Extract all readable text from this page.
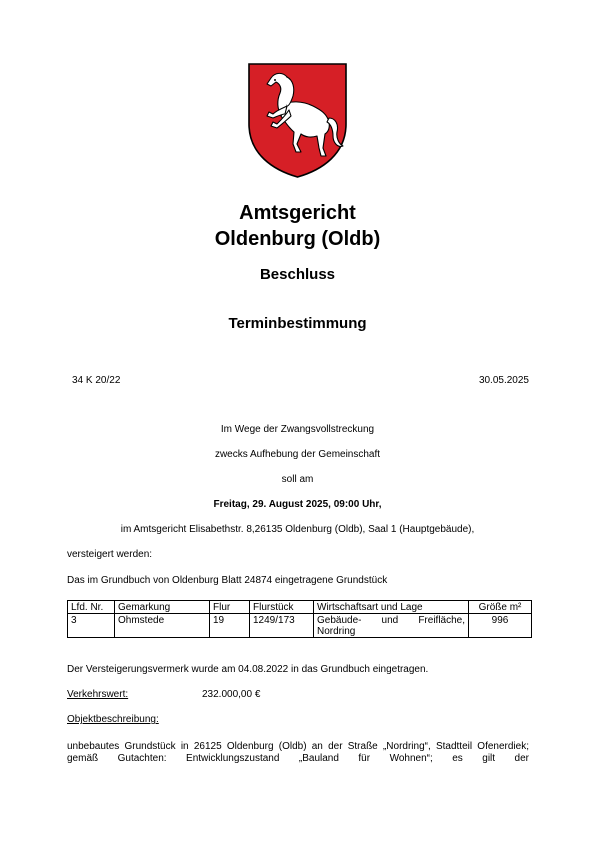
Amtsgericht
Oldenburg (Oldb)
Beschluss
Terminbestimmung
34 K 20/22	30.05.2025
Im Wege der Zwangsvollstreckung
zwecks Aufhebung der Gemeinschaft
soll am
Freitag, 29. August 2025, 09:00 Uhr,
im Amtsgericht Elisabethstr. 8,26135 Oldenburg (Oldb), Saal 1 (Hauptgebäude),
versteigert werden:
Das im Grundbuch von Oldenburg Blatt 24874 eingetragene Grundstück
Lfd. Nr.	Gemarkung	Flur	Flurstück	Wirtschaftsart und Lage	Größe m²
3	Ohmstede	19	1249/173	Gebäude- und Freifläche, Nordring	996
Der Versteigerungsvermerk wurde am 04.08.2022 in das Grundbuch eingetragen.
Verkehrswert:	232.000,00 €
Objektbeschreibung:
unbebautes Grundstück in 26125 Oldenburg (Oldb) an der Straße „Nordring“, Stadtteil Ofenerdiek; gemäß Gutachten: Entwicklungszustand „Bauland für Wohnen“; es gilt der
